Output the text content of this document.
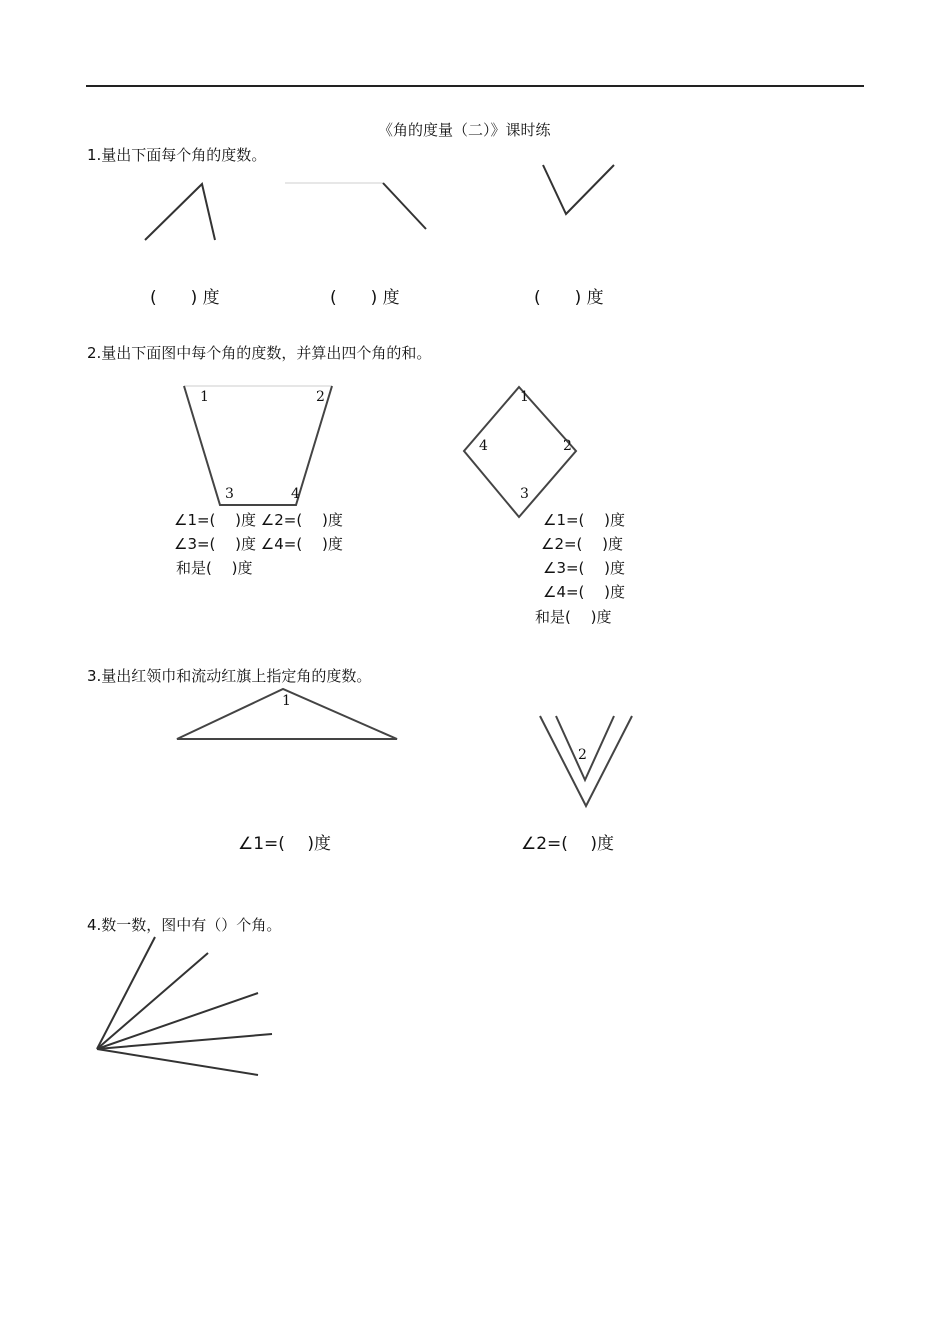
《角的度量（二）》课时练
1.量出下面每个角的度数。
(　　) 度	(　　) 度	(　　) 度
2.量出下面图中每个角的度数，并算出四个角的和。
1	2
3	4
1
2
3
4
∠1=(　 )度 ∠2=(　 )度
∠3=(　 )度 ∠4=(　 )度
和是(　 )度
∠1=(　 )度
∠2=(　 )度
∠3=(　 )度
∠4=(　 )度
和是(　 )度
3.量出红领巾和流动红旗上指定角的度数。
1
2
∠1=(　 )度	∠2=(　 )度
4.数一数，图中有（）个角。
